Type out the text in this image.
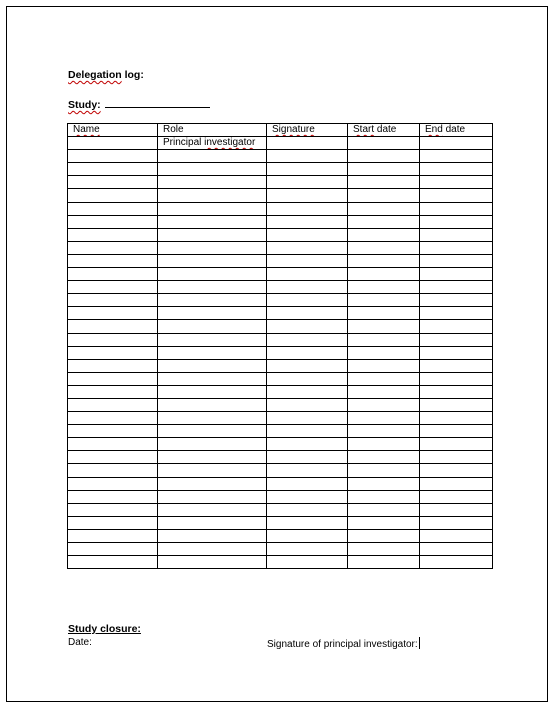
Delegation log:
Study:
Name	Role	Signature	Start date	End date
	Principal investigator			

Study closure:
Date:	Signature of principal investigator:
